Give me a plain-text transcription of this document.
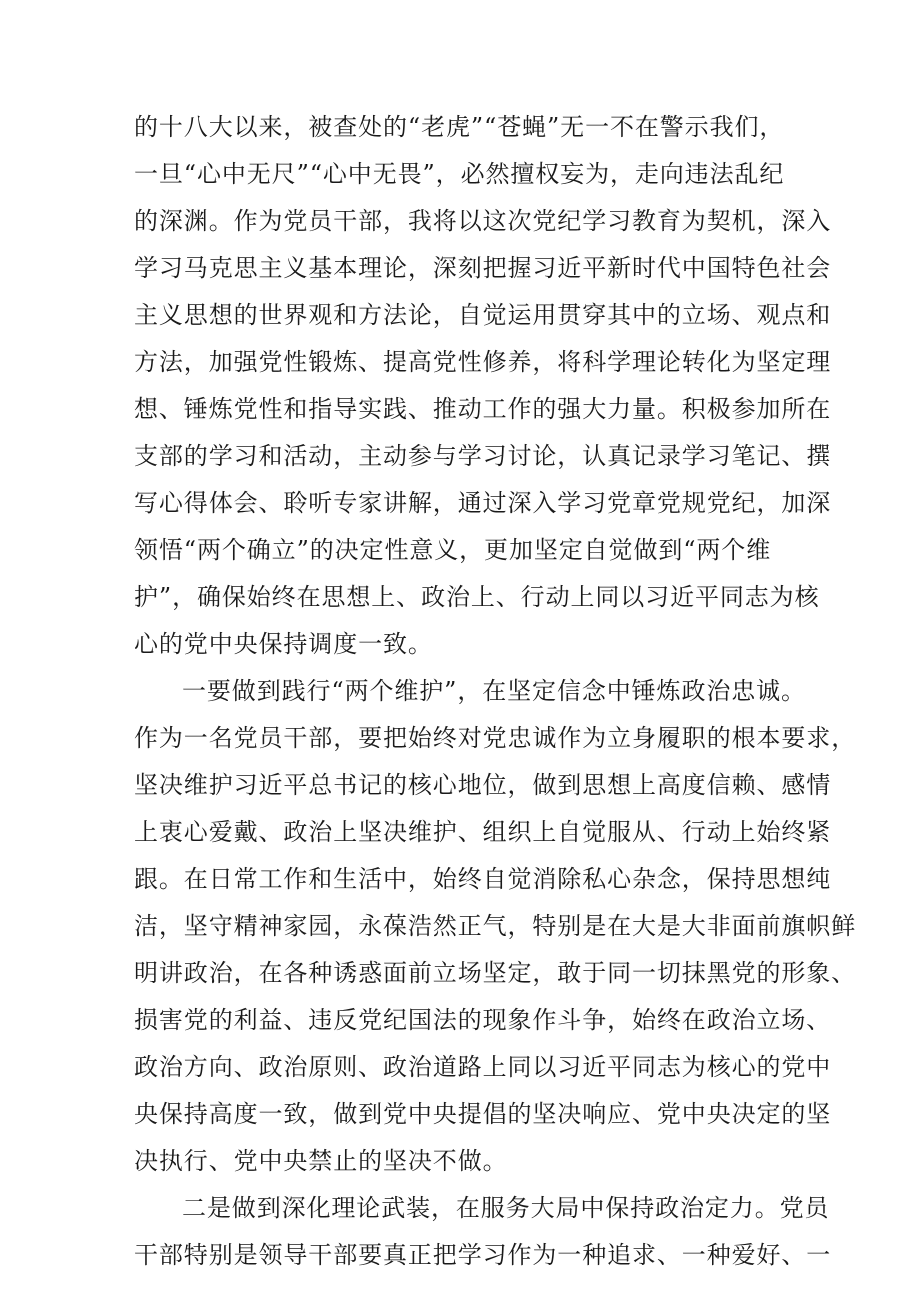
的十八大以来，被查处的“老虎”“苍蝇”无一不在警示我们，
一旦“心中无尺”“心中无畏”，必然擅权妄为，走向违法乱纪
的深渊。作为党员干部，我将以这次党纪学习教育为契机，深入
学习马克思主义基本理论，深刻把握习近平新时代中国特色社会
主义思想的世界观和方法论，自觉运用贯穿其中的立场、观点和
方法，加强党性锻炼、提高党性修养，将科学理论转化为坚定理
想、锤炼党性和指导实践、推动工作的强大力量。积极参加所在
支部的学习和活动，主动参与学习讨论，认真记录学习笔记、撰
写心得体会、聆听专家讲解，通过深入学习党章党规党纪，加深
领悟“两个确立”的决定性意义，更加坚定自觉做到“两个维
护”，确保始终在思想上、政治上、行动上同以习近平同志为核
心的党中央保持调度一致。
一要做到践行“两个维护”，在坚定信念中锤炼政治忠诚。
作为一名党员干部，要把始终对党忠诚作为立身履职的根本要求，
坚决维护习近平总书记的核心地位，做到思想上高度信赖、感情
上衷心爱戴、政治上坚决维护、组织上自觉服从、行动上始终紧
跟。在日常工作和生活中，始终自觉消除私心杂念，保持思想纯
洁，坚守精神家园，永葆浩然正气，特别是在大是大非面前旗帜鲜
明讲政治，在各种诱惑面前立场坚定，敢于同一切抹黑党的形象、
损害党的利益、违反党纪国法的现象作斗争，始终在政治立场、
政治方向、政治原则、政治道路上同以习近平同志为核心的党中
央保持高度一致，做到党中央提倡的坚决响应、党中央决定的坚
决执行、党中央禁止的坚决不做。
二是做到深化理论武装，在服务大局中保持政治定力。党员
干部特别是领导干部要真正把学习作为一种追求、一种爱好、一
